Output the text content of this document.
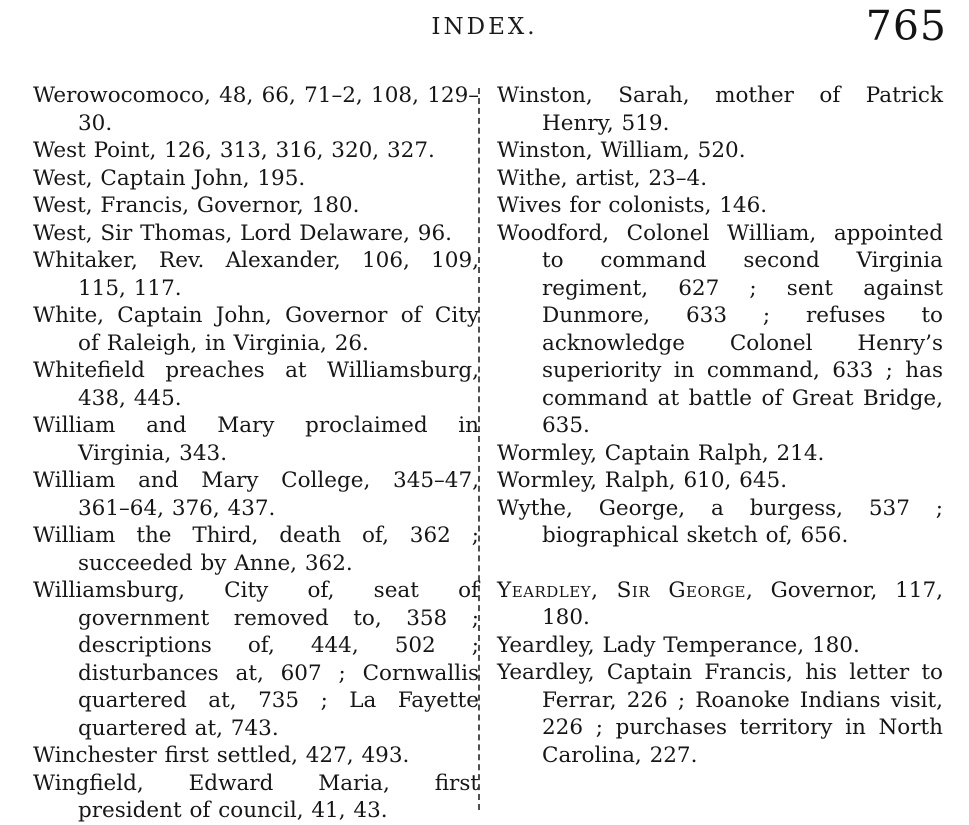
INDEX.	765

Werowocomoco, 48, 66, 71–2, 108, 129–30.

West Point, 126, 313, 316, 320, 327.

West, Captain John, 195.

West, Francis, Governor, 180.

West, Sir Thomas, Lord Delaware, 96.

Whitaker, Rev. Alexander, 106, 109, 115, 117.

White, Captain John, Governor of City of Raleigh, in Virginia, 26.

Whitefield preaches at Williamsburg, 438, 445.

William and Mary proclaimed in Virginia, 343.

William and Mary College, 345–47, 361–64, 376, 437.

William the Third, death of, 362 ; succeeded by Anne, 362.

Williamsburg, City of, seat of government removed to, 358 ; descriptions of, 444, 502 ; disturbances at, 607 ; Cornwallis quartered at, 735 ; La Fayette quartered at, 743.

Winchester first settled, 427, 493.

Wingfield, Edward Maria, first president of council, 41, 43.

Winston, Sarah, mother of Patrick Henry, 519.

Winston, William, 520.

Withe, artist, 23–4.

Wives for colonists, 146.

Woodford, Colonel William, appointed to command second Virginia regiment, 627 ; sent against Dunmore, 633 ; refuses to acknowledge Colonel Henry’s superiority in command, 633 ; has command at battle of Great Bridge, 635.

Wormley, Captain Ralph, 214.

Wormley, Ralph, 610, 645.

Wythe, George, a burgess, 537 ; biographical sketch of, 656.

Yeardley, Sir George, Governor, 117, 180.

Yeardley, Lady Temperance, 180.

Yeardley, Captain Francis, his letter to Ferrar, 226 ; Roanoke Indians visit, 226 ; purchases territory in North Carolina, 227.
